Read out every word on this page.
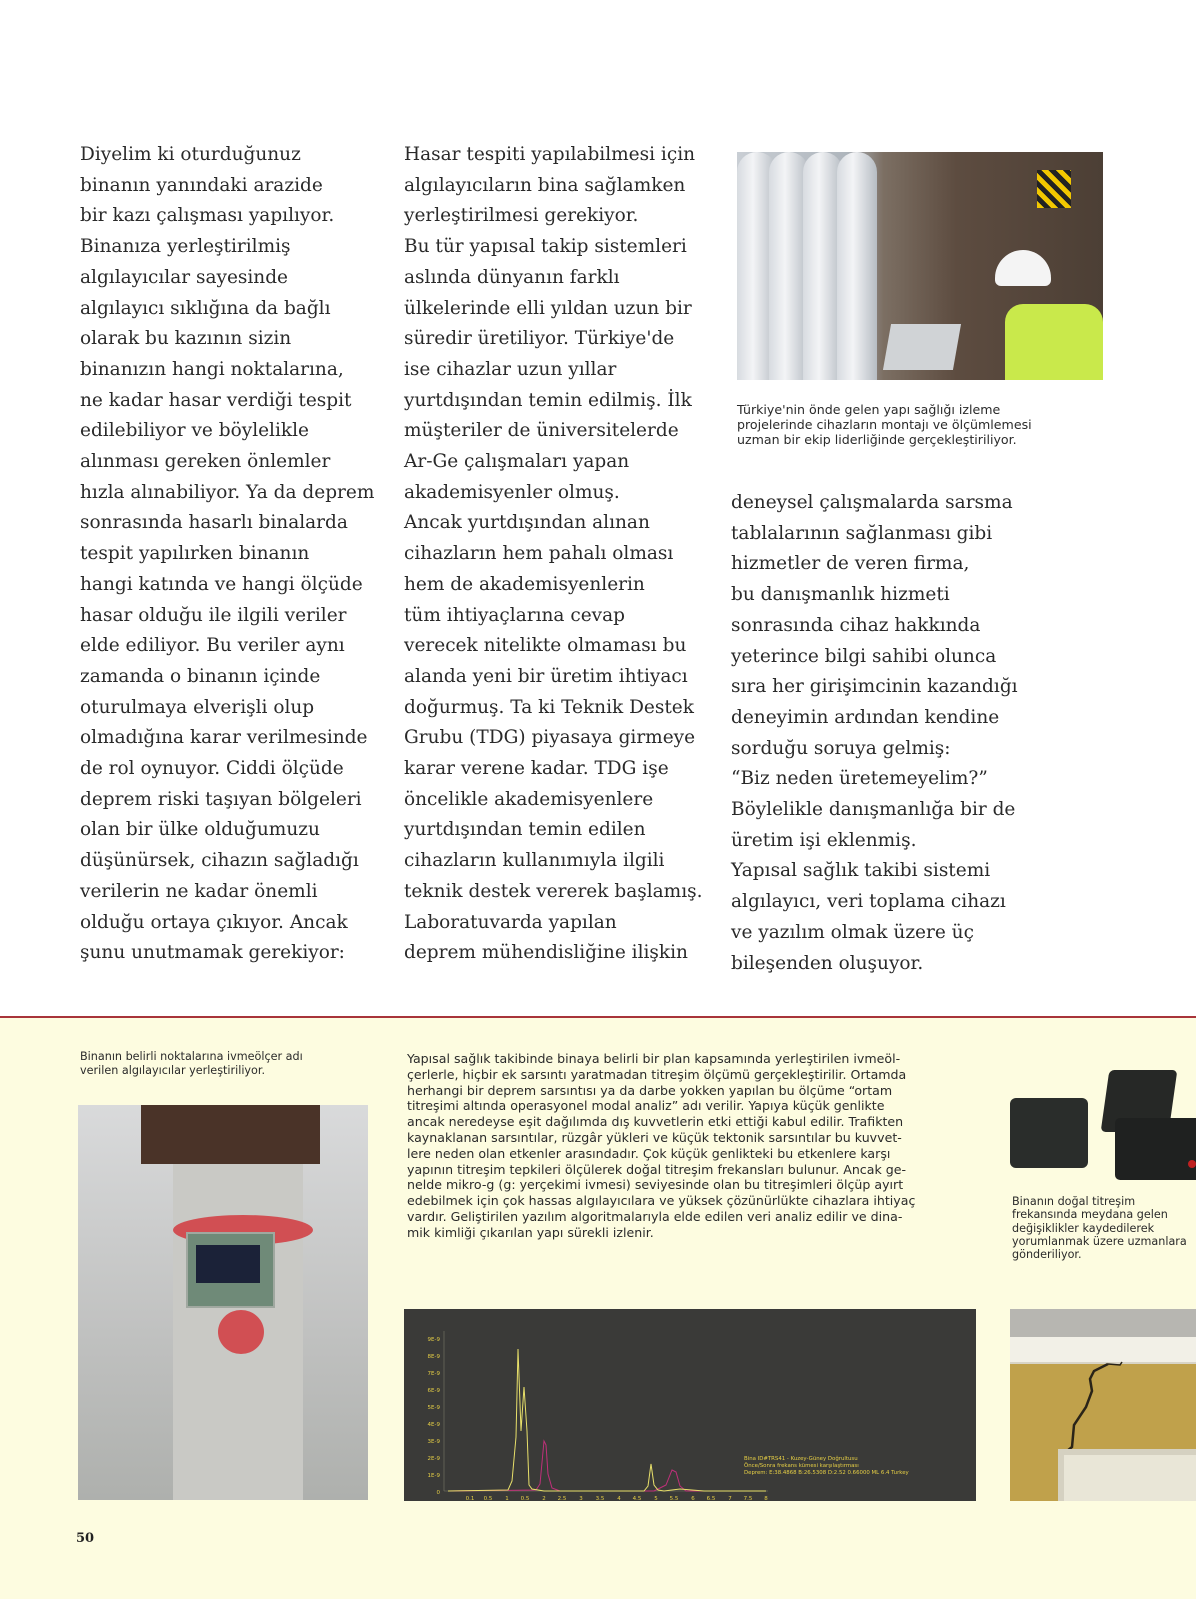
Diyelim ki oturduğunuz

binanın yanındaki arazide

bir kazı çalışması yapılıyor.

Binanıza yerleştirilmiş

algılayıcılar sayesinde

algılayıcı sıklığına da bağlı

olarak bu kazının sizin

binanızın hangi noktalarına,

ne kadar hasar verdiği tespit

edilebiliyor ve böylelikle

alınması gereken önlemler

hızla alınabiliyor. Ya da deprem

sonrasında hasarlı binalarda

tespit yapılırken binanın

hangi katında ve hangi ölçüde

hasar olduğu ile ilgili veriler

elde ediliyor. Bu veriler aynı

zamanda o binanın içinde

oturulmaya elverişli olup

olmadığına karar verilmesinde

de rol oynuyor. Ciddi ölçüde

deprem riski taşıyan bölgeleri

olan bir ülke olduğumuzu

düşünürsek, cihazın sağladığı

verilerin ne kadar önemli

olduğu ortaya çıkıyor. Ancak

şunu unutmamak gerekiyor:

Hasar tespiti yapılabilmesi için

algılayıcıların bina sağlamken

yerleştirilmesi gerekiyor.

Bu tür yapısal takip sistemleri

aslında dünyanın farklı

ülkelerinde elli yıldan uzun bir

süredir üretiliyor. Türkiye'de

ise cihazlar uzun yıllar

yurtdışından temin edilmiş. İlk

müşteriler de üniversitelerde

Ar-Ge çalışmaları yapan

akademisyenler olmuş.

Ancak yurtdışından alınan

cihazların hem pahalı olması

hem de akademisyenlerin

tüm ihtiyaçlarına cevap

verecek nitelikte olmaması bu

alanda yeni bir üretim ihtiyacı

doğurmuş. Ta ki Teknik Destek

Grubu (TDG) piyasaya girmeye

karar verene kadar. TDG işe

öncelikle akademisyenlere

yurtdışından temin edilen

cihazların kullanımıyla ilgili

teknik destek vererek başlamış.

Laboratuvarda yapılan

deprem mühendisliğine ilişkin

Türkiye'nin önde gelen yapı sağlığı izleme

projelerinde cihazların montajı ve ölçümlemesi

uzman bir ekip liderliğinde gerçekleştiriliyor.

deneysel çalışmalarda sarsma

tablalarının sağlanması gibi

hizmetler de veren firma,

bu danışmanlık hizmeti

sonrasında cihaz hakkında

yeterince bilgi sahibi olunca

sıra her girişimcinin kazandığı

deneyimin ardından kendine

sorduğu soruya gelmiş:

“Biz neden üretemeyelim?”

Böylelikle danışmanlığa bir de

üretim işi eklenmiş.

Yapısal sağlık takibi sistemi

algılayıcı, veri toplama cihazı

ve yazılım olmak üzere üç

bileşenden oluşuyor.

Binanın belirli noktalarına ivmeölçer adı

verilen algılayıcılar yerleştiriliyor.

Yapısal sağlık takibinde binaya belirli bir plan kapsamında yerleştirilen ivmeöl-

çerlerle, hiçbir ek sarsıntı yaratmadan titreşim ölçümü gerçekleştirilir. Ortamda

herhangi bir deprem sarsıntısı ya da darbe yokken yapılan bu ölçüme “ortam

titreşimi altında operasyonel modal analiz” adı verilir. Yapıya küçük genlikte

ancak neredeyse eşit dağılımda dış kuvvetlerin etki ettiği kabul edilir. Trafikten

kaynaklanan sarsıntılar, rüzgâr yükleri ve küçük tektonik sarsıntılar bu kuvvet-

lere neden olan etkenler arasındadır. Çok küçük genlikteki bu etkenlere karşı

yapının titreşim tepkileri ölçülerek doğal titreşim frekansları bulunur. Ancak ge-

nelde mikro-g (g: yerçekimi ivmesi) seviyesinde olan bu titreşimleri ölçüp ayırt

edebilmek için çok hassas algılayıcılara ve yüksek çözünürlükte cihazlara ihtiyaç

vardır. Geliştirilen yazılım algoritmalarıyla elde edilen veri analiz edilir ve dina-

mik kimliği çıkarılan yapı sürekli izlenir.

9E-9
8E-9
7E-9
6E-9
5E-9
4E-9
3E-9
2E-9
1E-9
0
0.1 0.5 1 0.5 2 2.5 3 3.5 4 4.5 5 5.5 6 6.5 7 7.5 8

Bina ID#TRS41 - Kuzey-Güney Doğrultusu

Önce/Sonra frekans kümesi karşılaştırması

Deprem: E:38.4868 B:26.5308 D:2.52 0.66000 ML 6.4 Turkey

Binanın doğal titreşim

frekansında meydana gelen

değişiklikler kaydedilerek

yorumlanmak üzere uzmanlara

gönderiliyor.

50
